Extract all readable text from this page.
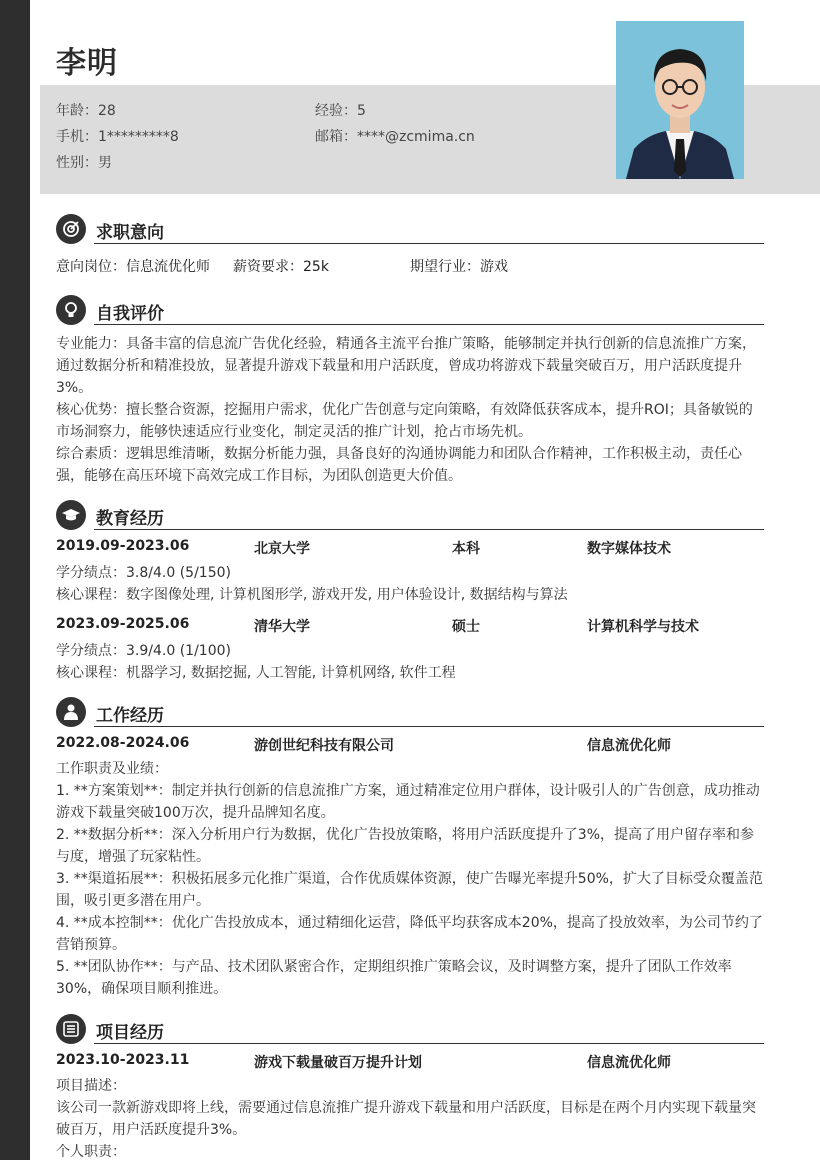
李明
年龄：28	经验：5
手机：1*********8	邮箱：****@zcmima.cn
性别：男
求职意向
意向岗位：信息流优化师 薪资要求：25k	期望行业：游戏
自我评价
专业能力：具备丰富的信息流广告优化经验，精通各主流平台推广策略，能够制定并执行创新的信息流推广方案，通过数据分析和精准投放，显著提升游戏下载量和用户活跃度，曾成功将游戏下载量突破百万，用户活跃度提升3%。
核心优势：擅长整合资源，挖掘用户需求，优化广告创意与定向策略，有效降低获客成本，提升ROI；具备敏锐的市场洞察力，能够快速适应行业变化，制定灵活的推广计划，抢占市场先机。
综合素质：逻辑思维清晰，数据分析能力强，具备良好的沟通协调能力和团队合作精神，工作积极主动，责任心强，能够在高压环境下高效完成工作目标，为团队创造更大价值。
教育经历
2019.09-2023.06	北京大学	本科	数字媒体技术
学分绩点：3.8/4.0 (5/150)
核心课程：数字图像处理, 计算机图形学, 游戏开发, 用户体验设计, 数据结构与算法
2023.09-2025.06	清华大学	硕士	计算机科学与技术
学分绩点：3.9/4.0 (1/100)
核心课程：机器学习, 数据挖掘, 人工智能, 计算机网络, 软件工程
工作经历
2022.08-2024.06	游创世纪科技有限公司	信息流优化师
工作职责及业绩：
1. **方案策划**：制定并执行创新的信息流推广方案，通过精准定位用户群体，设计吸引人的广告创意，成功推动游戏下载量突破100万次，提升品牌知名度。
2. **数据分析**：深入分析用户行为数据，优化广告投放策略，将用户活跃度提升了3%，提高了用户留存率和参与度，增强了玩家粘性。
3. **渠道拓展**：积极拓展多元化推广渠道，合作优质媒体资源，使广告曝光率提升50%，扩大了目标受众覆盖范围，吸引更多潜在用户。
4. **成本控制**：优化广告投放成本，通过精细化运营，降低平均获客成本20%，提高了投放效率，为公司节约了营销预算。
5. **团队协作**：与产品、技术团队紧密合作，定期组织推广策略会议，及时调整方案，提升了团队工作效率30%，确保项目顺利推进。
项目经历
2023.10-2023.11	游戏下载量破百万提升计划	信息流优化师
项目描述：
该公司一款新游戏即将上线，需要通过信息流推广提升游戏下载量和用户活跃度，目标是在两个月内实现下载量突破百万，用户活跃度提升3%。
个人职责：
